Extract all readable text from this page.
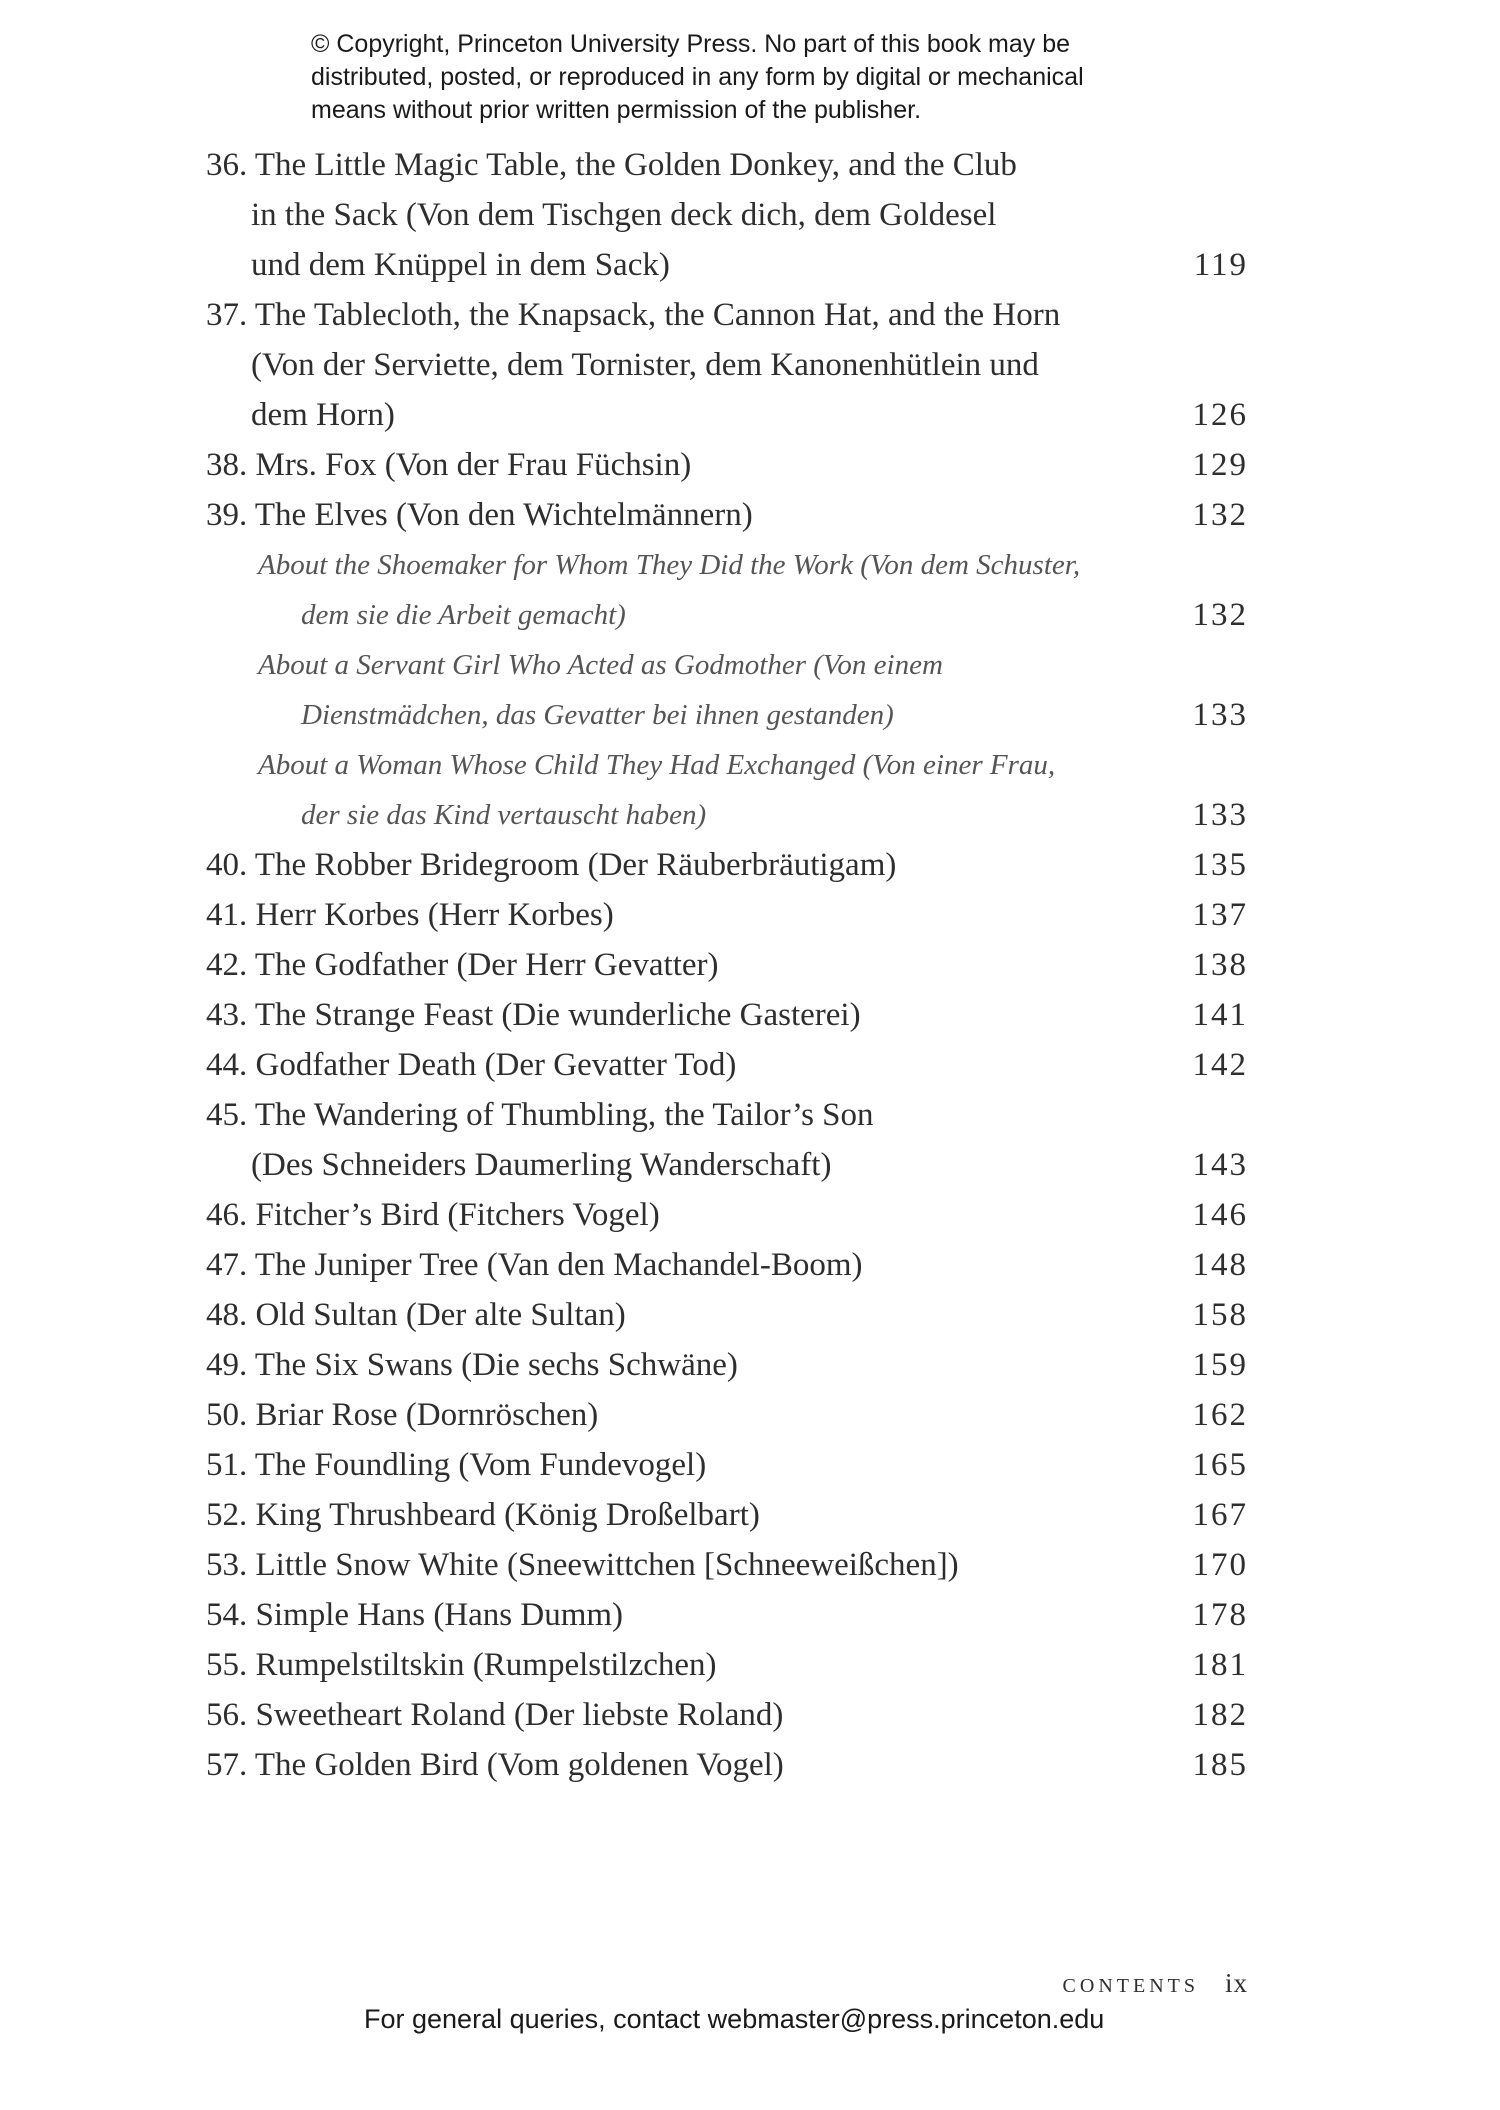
© Copyright, Princeton University Press. No part of this book may be
distributed, posted, or reproduced in any form by digital or mechanical
means without prior written permission of the publisher.
36. The Little Magic Table, the Golden Donkey, and the Club
in the Sack (Von dem Tischgen deck dich, dem Goldesel
und dem Knüppel in dem Sack)	119
37. The Tablecloth, the Knapsack, the Cannon Hat, and the Horn
(Von der Serviette, dem Tornister, dem Kanonenhütlein und
dem Horn)	126
38. Mrs. Fox (Von der Frau Füchsin)	129
39. The Elves (Von den Wichtelmännern)	132
About the Shoemaker for Whom They Did the Work (Von dem Schuster,
dem sie die Arbeit gemacht)	132
About a Servant Girl Who Acted as Godmother (Von einem
Dienstmädchen, das Gevatter bei ihnen gestanden)	133
About a Woman Whose Child They Had Exchanged (Von einer Frau,
der sie das Kind vertauscht haben)	133
40. The Robber Bridegroom (Der Räuberbräutigam)	135
41. Herr Korbes (Herr Korbes)	137
42. The Godfather (Der Herr Gevatter)	138
43. The Strange Feast (Die wunderliche Gasterei)	141
44. Godfather Death (Der Gevatter Tod)	142
45. The Wandering of Thumbling, the Tailor’s Son
(Des Schneiders Daumerling Wanderschaft)	143
46. Fitcher’s Bird (Fitchers Vogel)	146
47. The Juniper Tree (Van den Machandel-Boom)	148
48. Old Sultan (Der alte Sultan)	158
49. The Six Swans (Die sechs Schwäne)	159
50. Briar Rose (Dornröschen)	162
51. The Foundling (Vom Fundevogel)	165
52. King Thrushbeard (König Droßelbart)	167
53. Little Snow White (Sneewittchen [Schneeweißchen])	170
54. Simple Hans (Hans Dumm)	178
55. Rumpelstiltskin (Rumpelstilzchen)	181
56. Sweetheart Roland (Der liebste Roland)	182
57. The Golden Bird (Vom goldenen Vogel)	185
CONTENTS ix
For general queries, contact webmaster@press.princeton.edu
